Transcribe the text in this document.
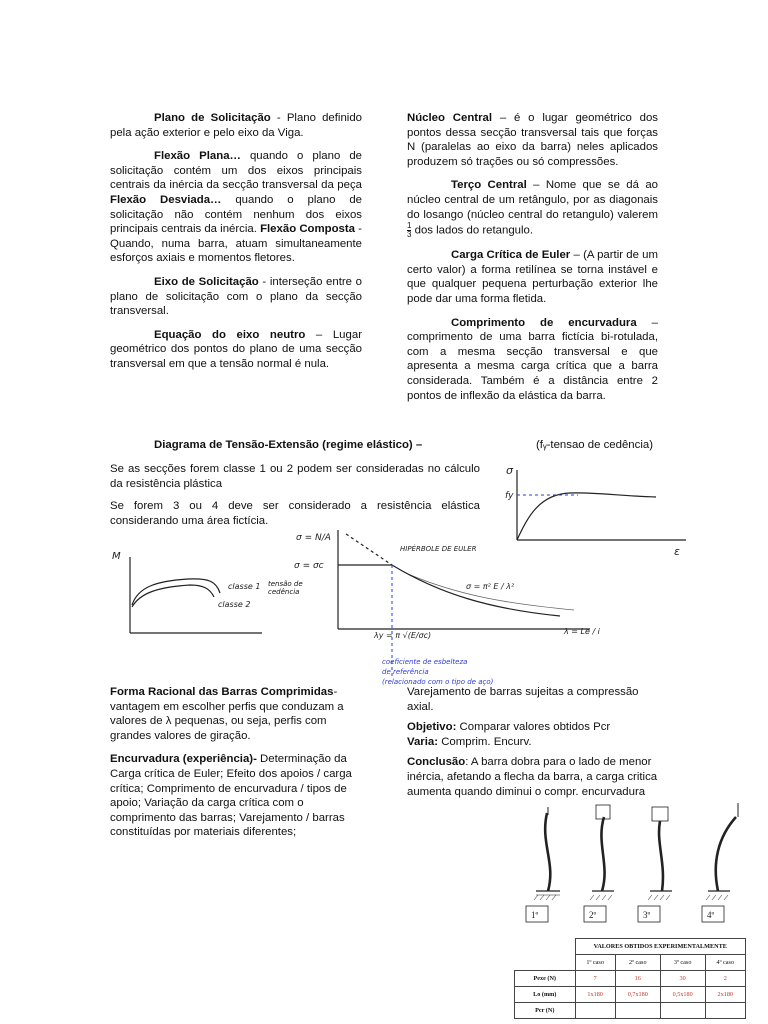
Plano de Solicitação - Plano definido pela ação exterior e pelo eixo da Viga.

Flexão Plana… quando o plano de solicitação contém um dos eixos principais centrais da inércia da secção transversal da peça Flexão Desviada… quando o plano de solicitação não contém nenhum dos eixos principais centrais da inércia. Flexão Composta - Quando, numa barra, atuam simultaneamente esforços axiais e momentos fletores.

Eixo de Solicitação - interseção entre o plano de solicitação com o plano da secção transversal.

Equação do eixo neutro – Lugar geométrico dos pontos do plano de uma secção transversal em que a tensão normal é nula.

Núcleo Central – é o lugar geométrico dos pontos dessa secção transversal tais que forças N (paralelas ao eixo da barra) neles aplicados produzem só trações ou só compressões.

Terço Central – Nome que se dá ao núcleo central de um retângulo, por as diagonais do losango (núcleo central do retangulo) valerem
$\frac{1}{3}$ dos lados do retangulo.

Carga Crítica de Euler – (A partir de um certo valor) a forma retilínea se torna instável e que qualquer pequena perturbação exterior lhe pode dar uma forma fletida.

Comprimento de encurvadura – comprimento de uma barra fictícia bi-rotulada, com a mesma secção transversal e que apresenta a mesma carga crítica que a barra considerada. Também é a distância entre 2 pontos de inflexão da elástica da barra.

Diagrama de Tensão-Extensão (regime elástico) –	(fᵧ-tensao de cedência)

Se as secções forem classe 1 ou 2 podem ser consideradas no cálculo da resistência plástica

Se forem 3 ou 4 deve ser considerado a resistência elástica considerando uma área fictícia.

σ
fy
ε
M
classe 1
classe 2
tensão de cedência
σ = N/A
σ = σc
HIPÉRBOLE DE EULER
σ = π² E / λ²
λy = π √(E/σc)	λ = Le / i
coeficiente de esbelteza
de referência
(relacionado com o tipo de aço)

Forma Racional das Barras Comprimidas- vantagem em escolher perfis que conduzam a valores de λ pequenas, ou seja, perfis com grandes valores de giração.

Encurvadura (experiência)- Determinação da Carga crítica de Euler; Efeito dos apoios / carga crítica; Comprimento de encurvadura / tipos de apoio; Variação da carga crítica com o comprimento das barras; Varejamento / barras constituídas por materiais diferentes;

Varejamento de barras sujeitas a compressão axial.

Objetivo: Comparar valores obtidos Pcr
Varia: Comprim. Encurv.

Conclusão: A barra dobra para o lado de menor inércia, afetando a flecha da barra, a carga critica aumenta quando diminui o compr. encurvadura

1º	2º	3º	4º
	VALORES OBTIDOS EXPERIMENTALMENTE			
	1º caso	2º caso	3º caso	4º caso
Pexe (N)	7	16	30	2
Lo (mm)	1x180	0,7x180	0,5x180	2x180
Pcr (N)				
